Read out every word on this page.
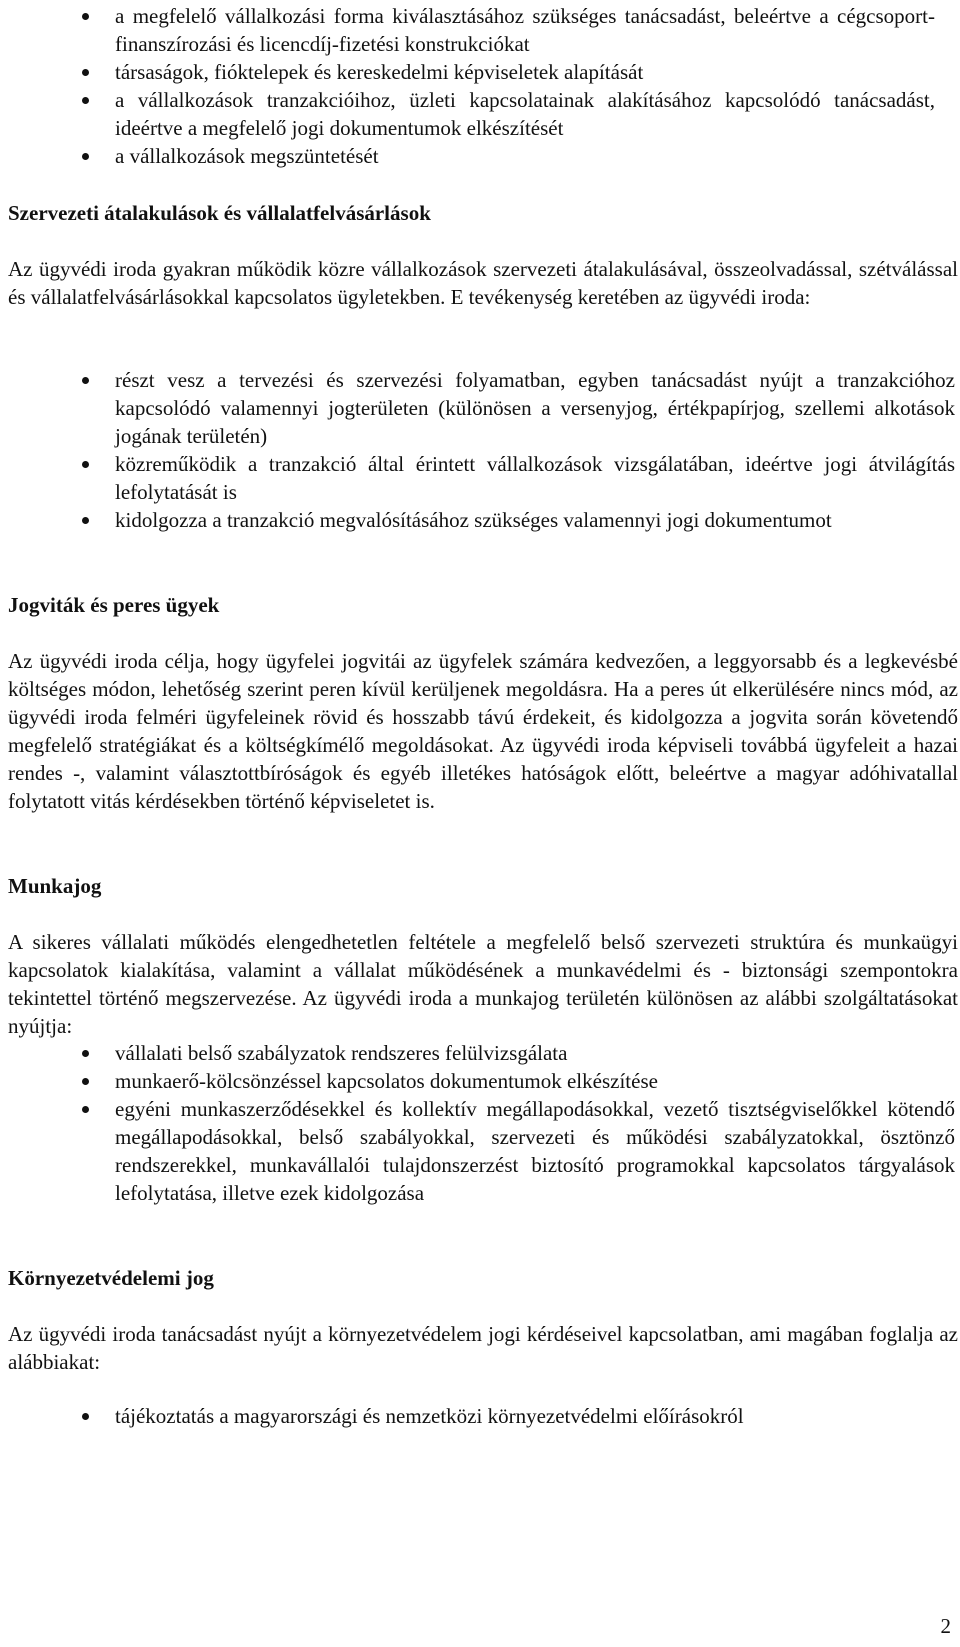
a megfelelő vállalkozási forma kiválasztásához szükséges tanácsadást, beleértve a cégcsoport-finanszírozási és licencdíj-fizetési konstrukciókat
társaságok, fióktelepek és kereskedelmi képviseletek alapítását
a vállalkozások tranzakcióihoz, üzleti kapcsolatainak alakításához kapcsolódó tanácsadást, ideértve a megfelelő jogi dokumentumok elkészítését
a vállalkozások megszüntetését
Szervezeti átalakulások és vállalatfelvásárlások

Az ügyvédi iroda gyakran működik közre vállalkozások szervezeti átalakulásával, összeolvadással, szétválással és vállalatfelvásárlásokkal kapcsolatos ügyletekben. E tevékenység keretében az ügyvédi iroda:

részt vesz a tervezési és szervezési folyamatban, egyben tanácsadást nyújt a tranzakcióhoz kapcsolódó valamennyi jogterületen (különösen a versenyjog, értékpapírjog, szellemi alkotások jogának területén)
közreműködik a tranzakció által érintett vállalkozások vizsgálatában, ideértve jogi átvilágítás lefolytatását is
kidolgozza a tranzakció megvalósításához szükséges valamennyi jogi dokumentumot
Jogviták és peres ügyek

Az ügyvédi iroda célja, hogy ügyfelei jogvitái az ügyfelek számára kedvezően, a leggyorsabb és a legkevésbé költséges módon, lehetőség szerint peren kívül kerüljenek megoldásra. Ha a peres út elkerülésére nincs mód, az ügyvédi iroda felméri ügyfeleinek rövid és hosszabb távú érdekeit, és kidolgozza a jogvita során követendő megfelelő stratégiákat és a költségkímélő megoldásokat. Az ügyvédi iroda képviseli továbbá ügyfeleit a hazai rendes -, valamint választottbíróságok és egyéb illetékes hatóságok előtt, beleértve a magyar adóhivatallal folytatott vitás kérdésekben történő képviseletet is.

Munkajog

A sikeres vállalati működés elengedhetetlen feltétele a megfelelő belső szervezeti struktúra és munkaügyi kapcsolatok kialakítása, valamint a vállalat működésének a munkavédelmi és - biztonsági szempontokra tekintettel történő megszervezése. Az ügyvédi iroda a munkajog területén különösen az alábbi szolgáltatásokat nyújtja:

vállalati belső szabályzatok rendszeres felülvizsgálata
munkaerő-kölcsönzéssel kapcsolatos dokumentumok elkészítése
egyéni munkaszerződésekkel és kollektív megállapodásokkal, vezető tisztségviselőkkel kötendő megállapodásokkal, belső szabályokkal, szervezeti és működési szabályzatokkal, ösztönző rendszerekkel, munkavállalói tulajdonszerzést biztosító programokkal kapcsolatos tárgyalások lefolytatása, illetve ezek kidolgozása
Környezetvédelemi jog

Az ügyvédi iroda tanácsadást nyújt a környezetvédelem jogi kérdéseivel kapcsolatban, ami magában foglalja az alábbiakat:

tájékoztatás a magyarországi és nemzetközi környezetvédelmi előírásokról
2
